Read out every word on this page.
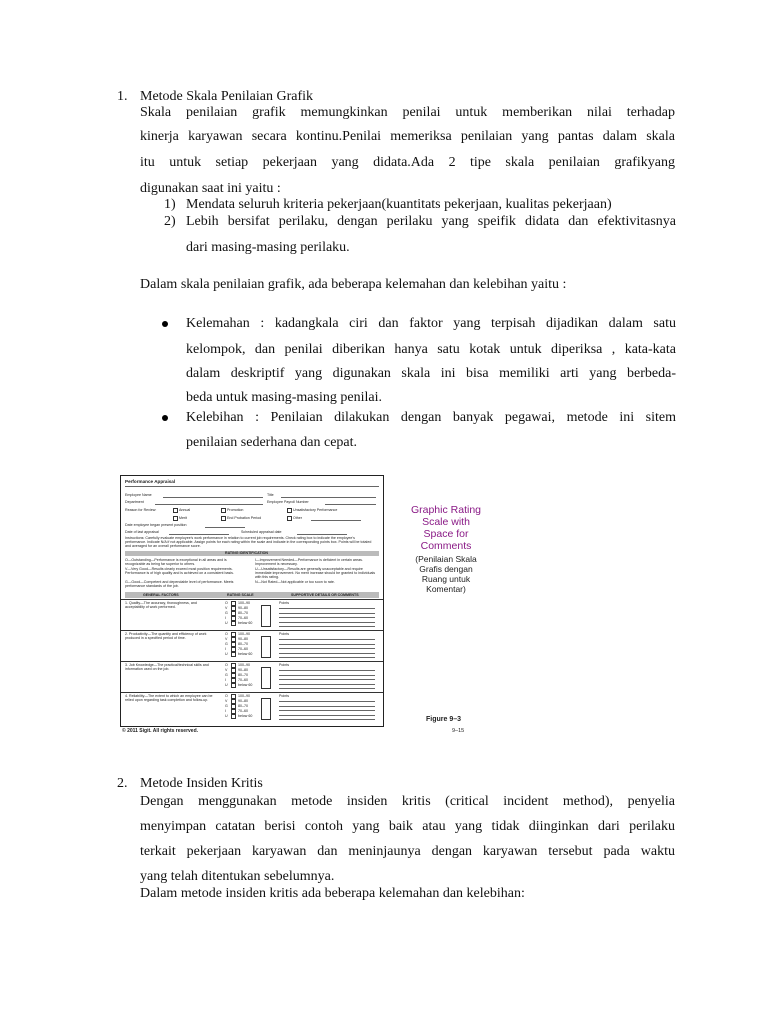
1. Metode Skala Penilaian Grafik
Skala penilaian grafik memungkinkan penilai untuk memberikan nilai terhadap
kinerja karyawan secara kontinu.Penilai memeriksa penilaian yang pantas dalam skala
itu untuk setiap pekerjaan yang didata.Ada 2 tipe skala penilaian grafikyang
digunakan saat ini yaitu :
1) Mendata seluruh kriteria pekerjaan(kuantitats pekerjaan, kualitas pekerjaan)
2) Lebih bersifat perilaku, dengan perilaku yang speifik didata dan efektivitasnya
dari masing-masing perilaku.
Dalam skala penilaian grafik, ada beberapa kelemahan dan kelebihan yaitu :
Kelemahan : kadangkala ciri dan faktor yang terpisah dijadikan dalam satu
kelompok, dan penilai diberikan hanya satu kotak untuk diperiksa , kata-kata
dalam deskriptif yang digunakan skala ini bisa memiliki arti yang berbeda-
beda untuk masing-masing penilai.
Kelebihan : Penilaian dilakukan dengan banyak pegawai, metode ini sitem
penilaian sederhana dan cepat.
Performance Appraisal
Employee Name	Title
Department	Employee Payroll Number
Reason for Review:	Annual	Promotion	Unsatisfactory Performance
Merit	End Probation Period	Other
Date employee began present position
Date of last appraisal	Scheduled appraisal date
Instructions: Carefully evaluate employee's work performance in relation to current job requirements. Check rating box to indicate the employee's performance. Indicate N/A if not applicable. Assign points for each rating within the scale and indicate in the corresponding points box. Points will be totaled and averaged for an overall performance score.
RATING IDENTIFICATION
O—Outstanding—Performance is exceptional in all areas and is recognizable as being far superior to others.
V—Very Good—Results clearly exceed most position requirements. Performance is of high quality and is achieved on a consistent basis.
G—Good—Competent and dependable level of performance. Meets performance standards of the job.
I—Improvement Needed—Performance is deficient in certain areas. Improvement is necessary.
U—Unsatisfactory—Results are generally unacceptable and require immediate improvement. No merit increase should be granted to individuals with this rating.
N—Not Rated—Not applicable or too soon to rate.
GENERAL FACTORS	RATING SCALE	SUPPORTIVE DETAILS OR COMMENTS
1. Quality—The accuracy, thoroughness, and acceptability of work performed.
O	100–90
V	90–80
G	80–70
I	70–60
U	below 60
Points
2. Productivity—The quantity and efficiency of work produced in a specified period of time.
O	100–90
V	90–80
G	80–70
I	70–60
U	below 60
Points
3. Job Knowledge—The practical/technical skills and information used on the job.
O	100–90
V	90–80
G	80–70
I	70–60
U	below 60
Points
4. Reliability—The extent to which an employee can be relied upon regarding task completion and follow-up.
O	100–90
V	90–80
G	80–70
I	70–60
U	below 60
Points
© 2011 Sigit. All rights reserved.
Graphic Rating
Scale with
Space for
Comments
(Penilaian Skala
Grafis dengan
Ruang untuk
Komentar)
Figure 9–3
9–15
2. Metode Insiden Kritis
Dengan menggunakan metode insiden kritis (critical incident method), penyelia
menyimpan catatan berisi contoh yang baik atau yang tidak diinginkan dari perilaku
terkait pekerjaan karyawan dan meninjaunya dengan karyawan tersebut pada waktu
yang telah ditentukan sebelumnya.
Dalam metode insiden kritis ada beberapa kelemahan dan kelebihan:
